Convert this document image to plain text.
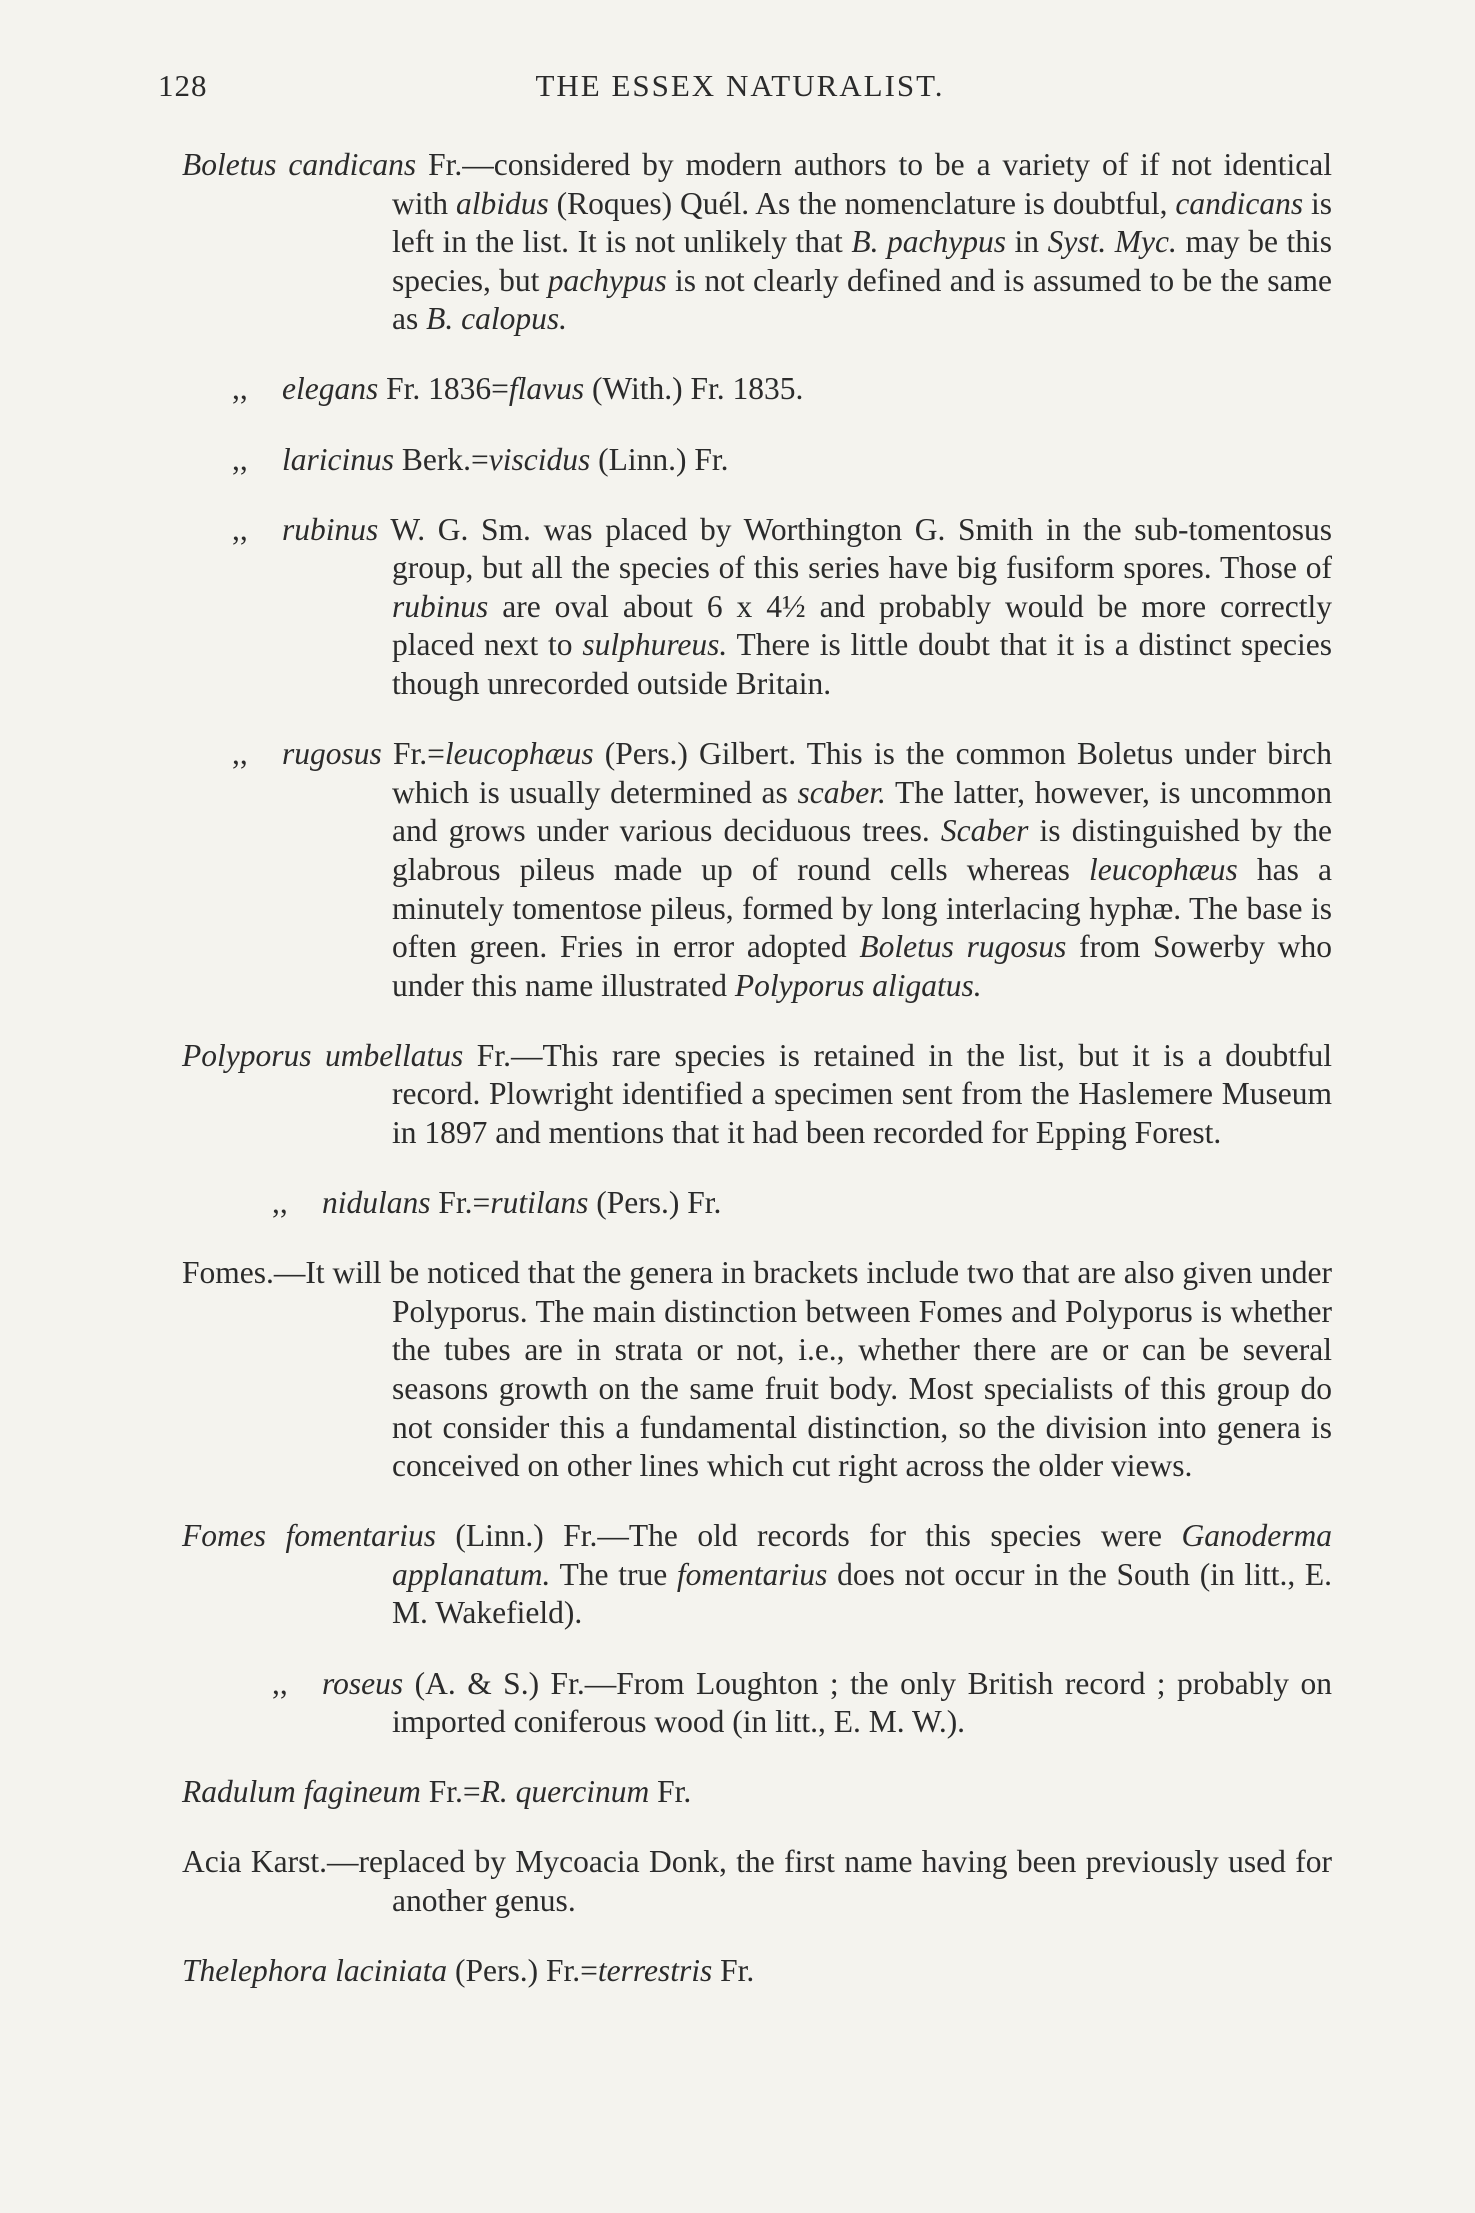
128	THE ESSEX NATURALIST.

Boletus candicans Fr.—considered by modern authors to be a variety of if not identical with albidus (Roques) Quél. As the nomenclature is doubtful, candicans is left in the list. It is not unlikely that B. pachypus in Syst. Myc. may be this species, but pachypus is not clearly defined and is assumed to be the same as B. calopus.

,, elegans Fr. 1836=flavus (With.) Fr. 1835.

,, laricinus Berk.=viscidus (Linn.) Fr.

,, rubinus W. G. Sm. was placed by Worthington G. Smith in the sub-tomentosus group, but all the species of this series have big fusiform spores. Those of rubinus are oval about 6 x 4½ and probably would be more correctly placed next to sulphureus. There is little doubt that it is a distinct species though unrecorded outside Britain.

,, rugosus Fr.=leucophæus (Pers.) Gilbert. This is the common Boletus under birch which is usually determined as scaber. The latter, however, is uncommon and grows under various deciduous trees. Scaber is distinguished by the glabrous pileus made up of round cells whereas leucophæus has a minutely tomentose pileus, formed by long interlacing hyphæ. The base is often green. Fries in error adopted Boletus rugosus from Sowerby who under this name illustrated Polyporus aligatus.

Polyporus umbellatus Fr.—This rare species is retained in the list, but it is a doubtful record. Plowright identified a specimen sent from the Haslemere Museum in 1897 and mentions that it had been recorded for Epping Forest.

,, nidulans Fr.=rutilans (Pers.) Fr.

Fomes.—It will be noticed that the genera in brackets include two that are also given under Polyporus. The main distinction between Fomes and Polyporus is whether the tubes are in strata or not, i.e., whether there are or can be several seasons growth on the same fruit body. Most specialists of this group do not consider this a fundamental distinction, so the division into genera is conceived on other lines which cut right across the older views.

Fomes fomentarius (Linn.) Fr.—The old records for this species were Ganoderma applanatum. The true fomentarius does not occur in the South (in litt., E. M. Wakefield).

,, roseus (A. & S.) Fr.—From Loughton ; the only British record ; probably on imported coniferous wood (in litt., E. M. W.).

Radulum fagineum Fr.=R. quercinum Fr.

Acia Karst.—replaced by Mycoacia Donk, the first name having been previously used for another genus.

Thelephora laciniata (Pers.) Fr.=terrestris Fr.
